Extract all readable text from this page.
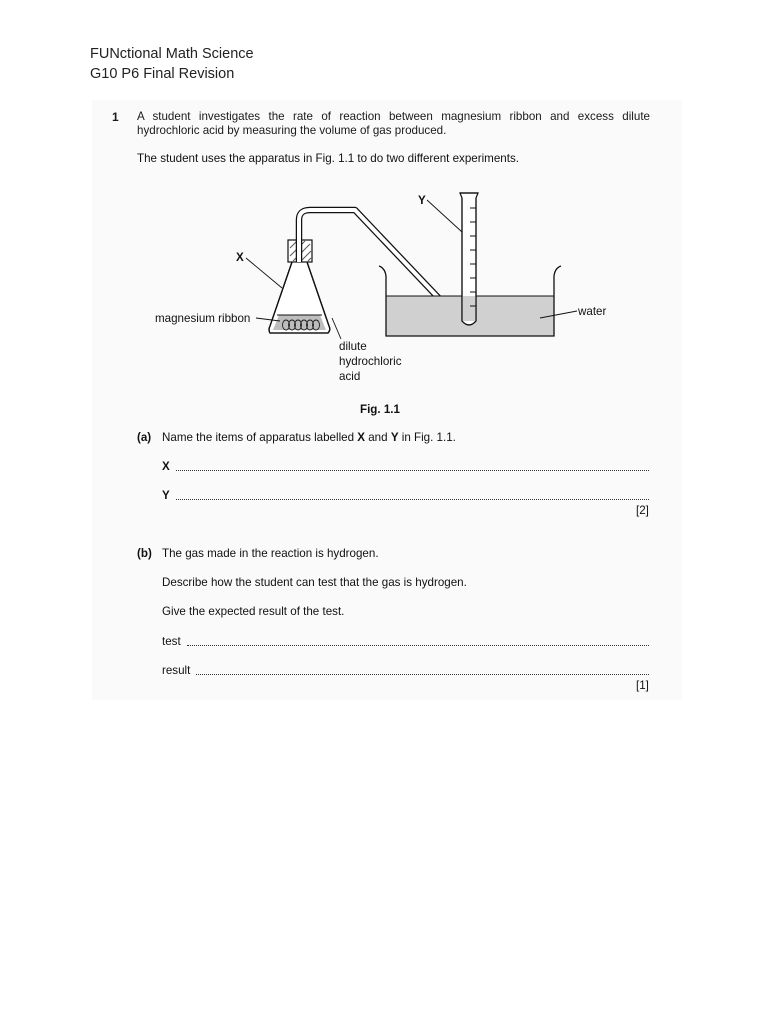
FUNctional Math Science
G10 P6 Final Revision
1 A student investigates the rate of reaction between magnesium ribbon and excess dilute hydrochloric acid by measuring the volume of gas produced.
The student uses the apparatus in Fig. 1.1 to do two different experiments.
X
Y
magnesium ribbon
water
dilute
hydrochloric
acid
Fig. 1.1
(a) Name the items of apparatus labelled X and Y in Fig. 1.1.
X
Y
[2]
(b) The gas made in the reaction is hydrogen.
Describe how the student can test that the gas is hydrogen.
Give the expected result of the test.
test
result
[1]
